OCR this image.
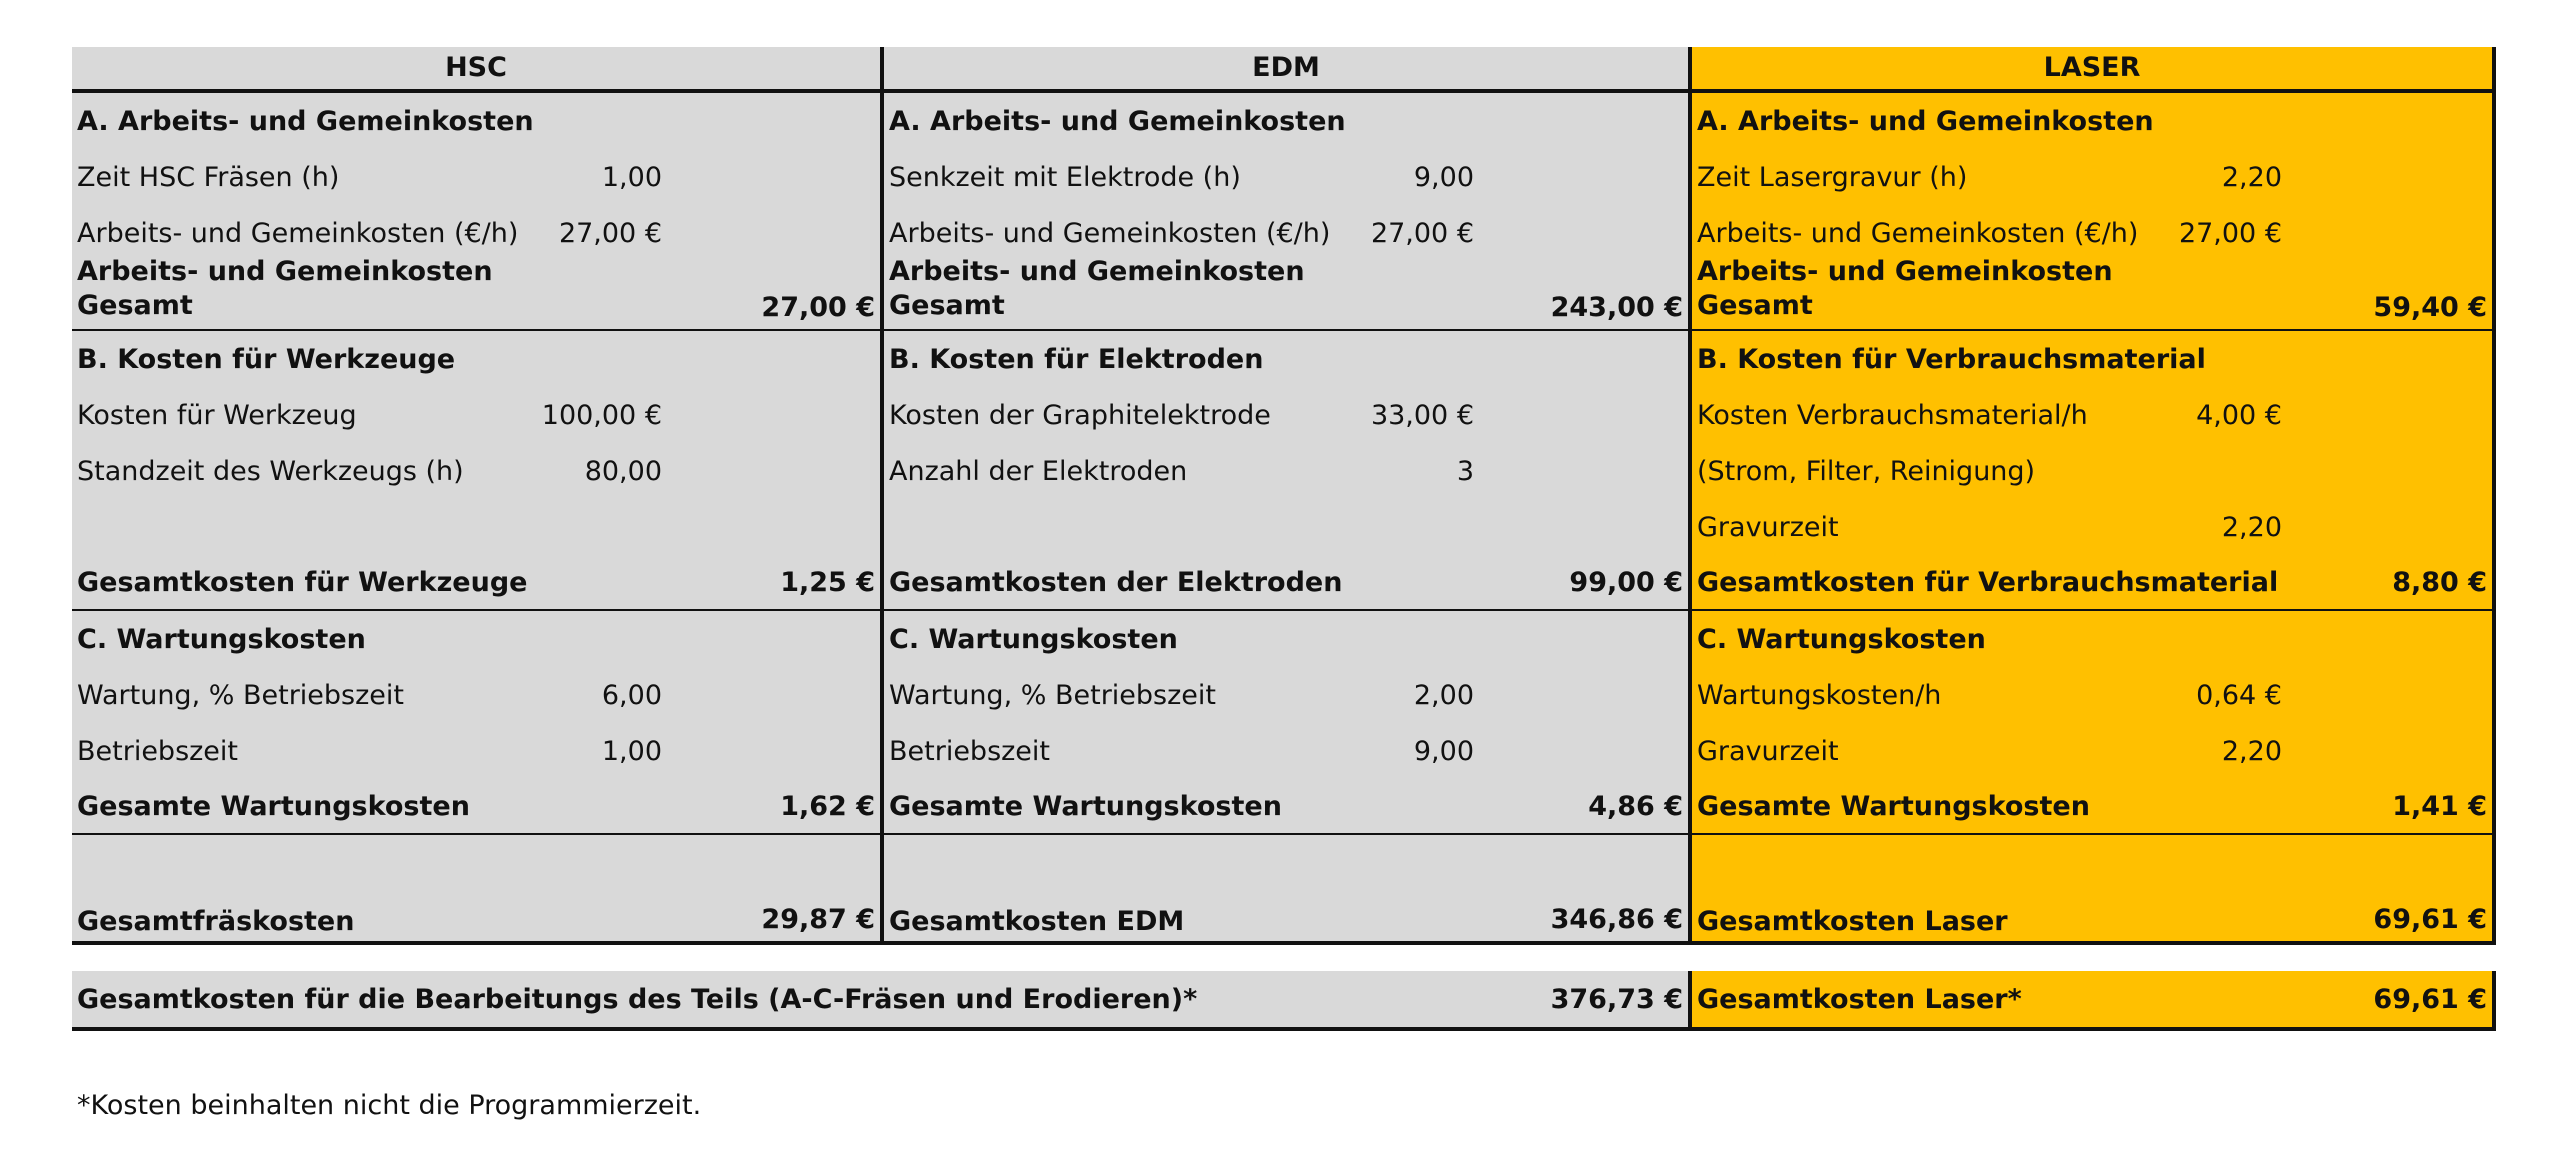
HSC
A. Arbeits- und Gemeinkosten
Zeit HSC Fräsen (h)	1,00
Arbeits- und Gemeinkosten (€/h)	27,00 €
Arbeits- und Gemeinkosten
Gesamt	27,00 €
B. Kosten für Werkzeuge
Kosten für Werkzeug	100,00 €
Standzeit des Werkzeugs (h)	80,00
Gesamtkosten für Werkzeuge	1,25 €
C. Wartungskosten
Wartung, % Betriebszeit	6,00
Betriebszeit	1,00
Gesamte Wartungskosten	1,62 €
Gesamtfräskosten	29,87 €
EDM
A. Arbeits- und Gemeinkosten
Senkzeit mit Elektrode (h)	9,00
Arbeits- und Gemeinkosten (€/h)	27,00 €
Arbeits- und Gemeinkosten
Gesamt	243,00 €
B. Kosten für Elektroden
Kosten der Graphitelektrode	33,00 €
Anzahl der Elektroden	3
Gesamtkosten der Elektroden	99,00 €
C. Wartungskosten
Wartung, % Betriebszeit	2,00
Betriebszeit	9,00
Gesamte Wartungskosten	4,86 €
Gesamtkosten EDM	346,86 €
LASER
A. Arbeits- und Gemeinkosten
Zeit Lasergravur (h)	2,20
Arbeits- und Gemeinkosten (€/h)	27,00 €
Arbeits- und Gemeinkosten
Gesamt	59,40 €
B. Kosten für Verbrauchsmaterial
Kosten Verbrauchsmaterial/h	4,00 €
(Strom, Filter, Reinigung)
Gravurzeit	2,20
Gesamtkosten für Verbrauchsmaterial	8,80 €
C. Wartungskosten
Wartungskosten/h	0,64 €
Gravurzeit	2,20
Gesamte Wartungskosten	1,41 €
Gesamtkosten Laser	69,61 €
Gesamtkosten für die Bearbeitungs des Teils (A-C-Fräsen und Erodieren)*	376,73 € Gesamtkosten Laser*	69,61 €
*Kosten beinhalten nicht die Programmierzeit.
